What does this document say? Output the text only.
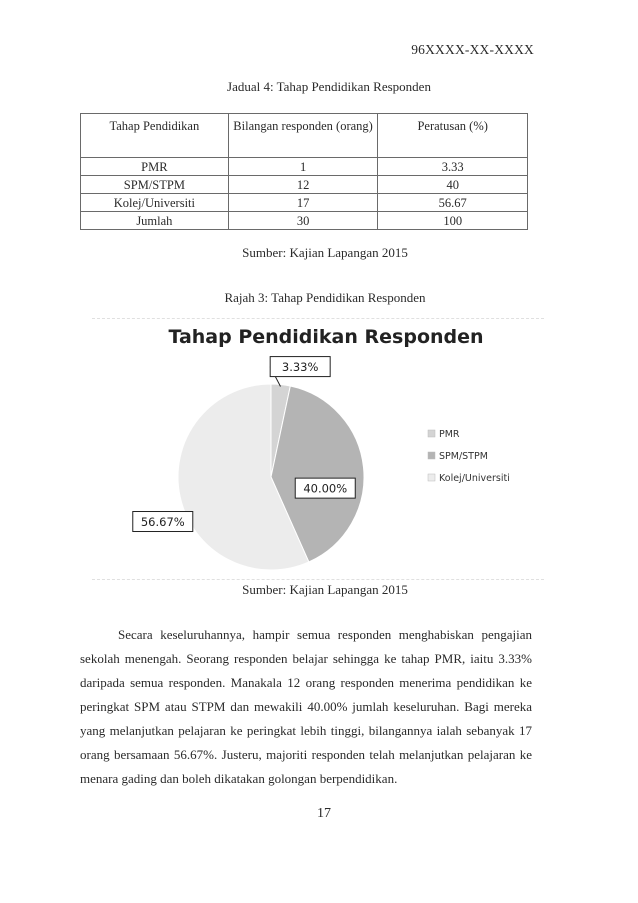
96XXXX-XX-XXXX
Jadual 4: Tahap Pendidikan Responden
Tahap Pendidikan	Bilangan responden (orang)	Peratusan (%)
PMR	1	3.33
SPM/STPM	12	40
Kolej/Universiti	17	56.67
Jumlah	30	100
Sumber: Kajian Lapangan 2015
Rajah 3: Tahap Pendidikan Responden
3.33%
40.00%
56.67%
PMR
SPM/STPM
Kolej/Universiti
Tahap Pendidikan Responden
Sumber: Kajian Lapangan 2015

Secara keseluruhannya, hampir semua responden menghabiskan pengajian sekolah menengah. Seorang responden belajar sehingga ke tahap PMR, iaitu 3.33% daripada semua responden. Manakala 12 orang responden menerima pendidikan ke peringkat SPM atau STPM dan mewakili 40.00% jumlah keseluruhan. Bagi mereka yang melanjutkan pelajaran ke peringkat lebih tinggi, bilangannya ialah sebanyak 17 orang bersamaan 56.67%. Justeru, majoriti responden telah melanjutkan pelajaran ke menara gading dan boleh dikatakan golongan berpendidikan.

17
